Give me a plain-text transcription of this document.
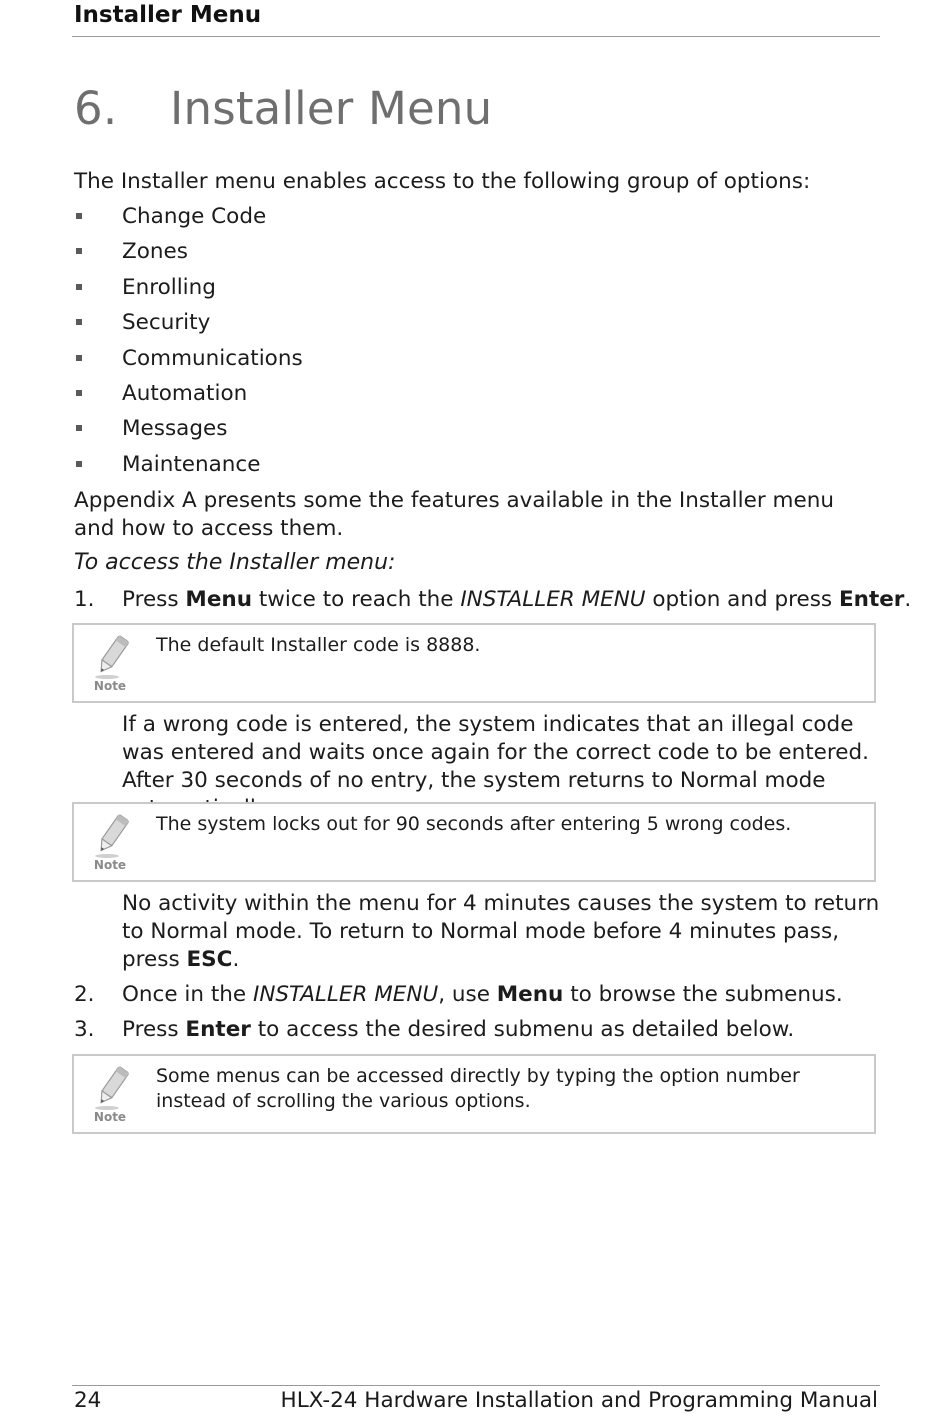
Installer Menu
6. Installer Menu
The Installer menu enables access to the following group of options:
Change Code
Zones
Enrolling
Security
Communications
Automation
Messages
Maintenance
Appendix A presents some the features available in the Installer menu and how to access them.
To access the Installer menu:
1. Press Menu twice to reach the INSTALLER MENU option and press Enter.
Note
The default Installer code is 8888.
If a wrong code is entered, the system indicates that an illegal code was entered and waits once again for the correct code to be entered. After 30 seconds of no entry, the system returns to Normal mode
Note
The system locks out for 90 seconds after entering 5 wrong codes.
No activity within the menu for 4 minutes causes the system to return to Normal mode. To return to Normal mode before 4 minutes pass, press ESC.
2. Once in the INSTALLER MENU, use Menu to browse the submenus.
3. Press Enter to access the desired submenu as detailed below.
Note
Some menus can be accessed directly by typing the option number instead of scrolling the various options.
24	HLX-24 Hardware Installation and Programming Manual
